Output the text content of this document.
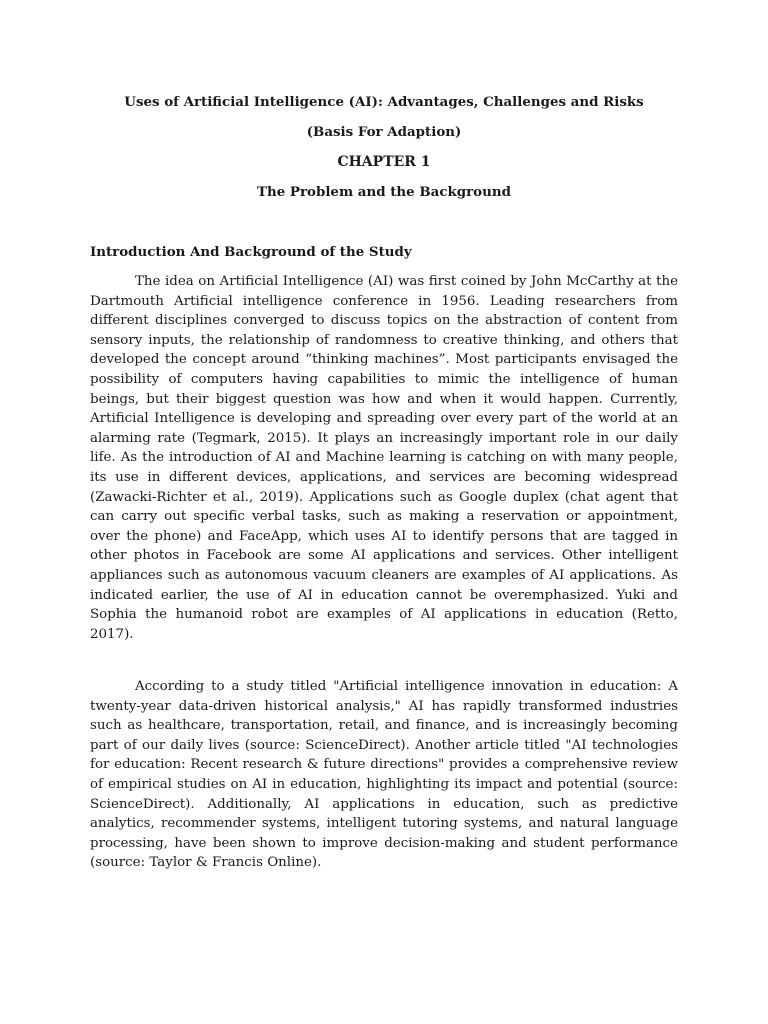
Uses of Artificial Intelligence (AI): Advantages, Challenges and Risks
(Basis For Adaption)
CHAPTER 1
The Problem and the Background
Introduction And Background of the Study

The idea on Artificial Intelligence (AI) was first coined by John McCarthy at the Dartmouth Artificial intelligence conference in 1956. Leading researchers from different disciplines converged to discuss topics on the abstraction of content from sensory inputs, the relationship of randomness to creative thinking, and others that developed the concept around “thinking machines”. Most participants envisaged the possibility of computers having capabilities to mimic the intelligence of human beings, but their biggest question was how and when it would happen. Currently, Artificial Intelligence is developing and spreading over every part of the world at an alarming rate (Tegmark, 2015). It plays an increasingly important role in our daily life. As the introduction of AI and Machine learning is catching on with many people, its use in different devices, applications, and services are becoming widespread (Zawacki-Richter et al., 2019). Applications such as Google duplex (chat agent that can carry out specific verbal tasks, such as making a reservation or appointment, over the phone) and FaceApp, which uses AI to identify persons that are tagged in other photos in Facebook are some AI applications and services. Other intelligent appliances such as autonomous vacuum cleaners are examples of AI applications. As indicated earlier, the use of AI in education cannot be overemphasized. Yuki and Sophia the humanoid robot are examples of AI applications in education (Retto, 2017).

According to a study titled "Artificial intelligence innovation in education: A twenty-year data-driven historical analysis," AI has rapidly transformed industries such as healthcare, transportation, retail, and finance, and is increasingly becoming part of our daily lives (source: ScienceDirect). Another article titled "AI technologies for education: Recent research & future directions" provides a comprehensive review of empirical studies on AI in education, highlighting its impact and potential (source: ScienceDirect). Additionally, AI applications in education, such as predictive analytics, recommender systems, intelligent tutoring systems, and natural language processing, have been shown to improve decision-making and student performance (source: Taylor & Francis Online).
